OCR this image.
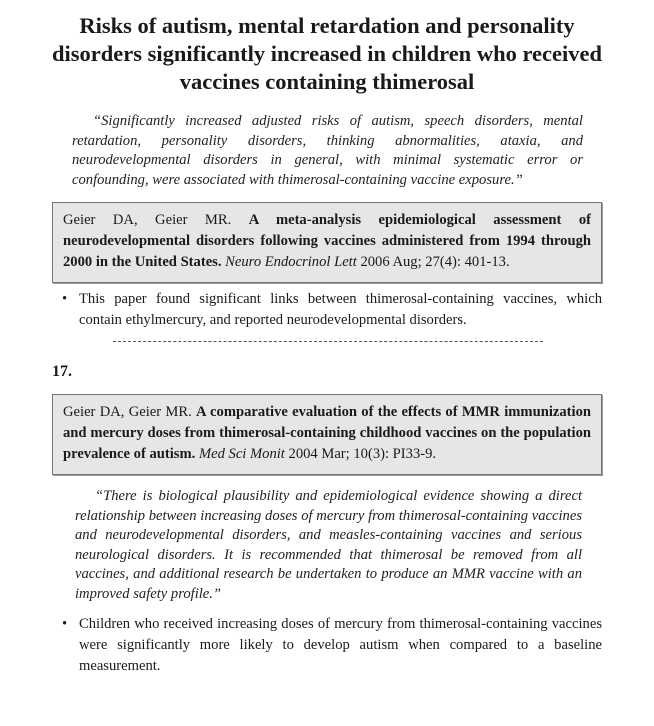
Risks of autism, mental retardation and personality disorders significantly increased in children who received vaccines containing thimerosal

“Significantly increased adjusted risks of autism, speech disorders, mental retardation, personality disorders, thinking abnormalities, ataxia, and neurodevelopmental disorders in general, with minimal systematic error or confounding, were associated with thimerosal-containing vaccine exposure.”

Geier DA, Geier MR. A meta-analysis epidemiological assessment of neurodevelopmental disorders following vaccines administered from 1994 through 2000 in the United States. Neuro Endocrinol Lett 2006 Aug; 27(4): 401-13.
• This paper found significant links between thimerosal-containing vaccines, which contain ethylmercury, and reported neurodevelopmental disorders.
17.
Geier DA, Geier MR. A comparative evaluation of the effects of MMR immunization and mercury doses from thimerosal-containing childhood vaccines on the population prevalence of autism. Med Sci Monit 2004 Mar; 10(3): PI33-9.

“There is biological plausibility and epidemiological evidence showing a direct relationship between increasing doses of mercury from thimerosal-containing vaccines and neurodevelopmental disorders, and measles-containing vaccines and serious neurological disorders. It is recommended that thimerosal be removed from all vaccines, and additional research be undertaken to produce an MMR vaccine with an improved safety profile.”

• Children who received increasing doses of mercury from thimerosal-containing vaccines were significantly more likely to develop autism when compared to a baseline measurement.
